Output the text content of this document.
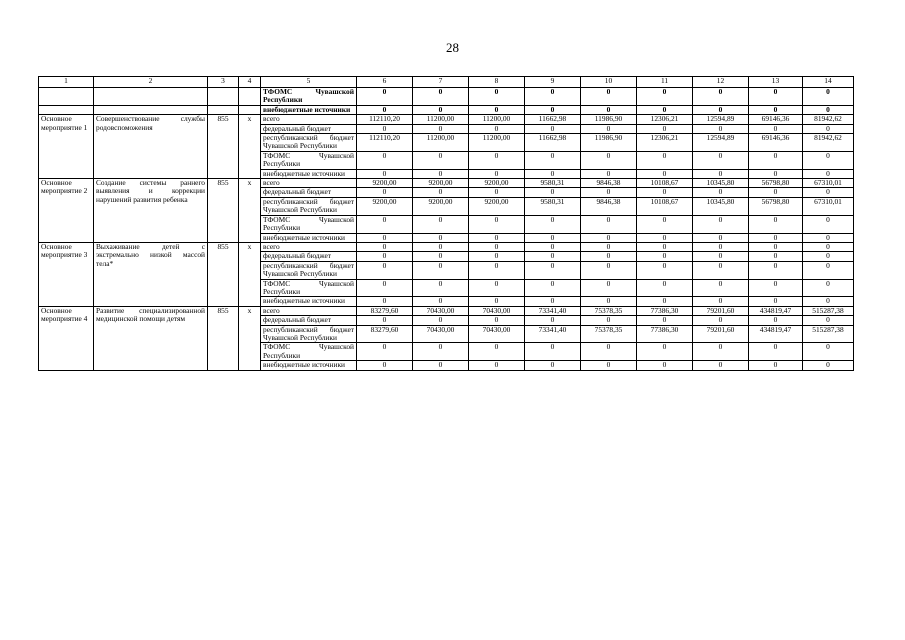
28
1	2	3	4	5	6	7	8	9	10	11	12	13	14
				ТФОМС Чувашской Республики	0	0	0	0	0	0	0	0	0
				внебюджетные источники	0	0	0	0	0	0	0	0	0
Основное мероприятие 1	Совершенствование службы родовспоможения	855	х	всего	112110,20	11200,00	11200,00	11662,98	11986,90	12306,21	12594,89	69146,36	81942,62
				федеральный бюджет	0	0	0	0	0	0	0	0	0
				республиканский бюджет Чувашской Республики	112110,20	11200,00	11200,00	11662,98	11986,90	12306,21	12594,89	69146,36	81942,62
				ТФОМС Чувашской Республики	0	0	0	0	0	0	0	0	0
				внебюджетные источники	0	0	0	0	0	0	0	0	0
Основное мероприятие 2	Создание системы раннего выявления и коррекции нарушений развития ребенка	855	х	всего	9200,00	9200,00	9200,00	9580,31	9846,38	10108,67	10345,80	56798,80	67310,01
				федеральный бюджет	0	0	0	0	0	0	0	0	0
				республиканский бюджет Чувашской Республики	9200,00	9200,00	9200,00	9580,31	9846,38	10108,67	10345,80	56798,80	67310,01
				ТФОМС Чувашской Республики	0	0	0	0	0	0	0	0	0
				внебюджетные источники	0	0	0	0	0	0	0	0	0
Основное мероприятие 3	Выхаживание детей с экстремально низкой массой тела*	855	х	всего	0	0	0	0	0	0	0	0	0
				федеральный бюджет	0	0	0	0	0	0	0	0	0
				республиканский бюджет Чувашской Республики	0	0	0	0	0	0	0	0	0
				ТФОМС Чувашской Республики	0	0	0	0	0	0	0	0	0
				внебюджетные источники	0	0	0	0	0	0	0	0	0
Основное мероприятие 4	Развитие специализированной медицинской помощи детям	855	х	всего	83279,60	70430,00	70430,00	73341,40	75378,35	77386,30	79201,60	434819,47	515287,38
				федеральный бюджет	0	0	0	0	0	0	0	0	0
				республиканский бюджет Чувашской Республики	83279,60	70430,00	70430,00	73341,40	75378,35	77386,30	79201,60	434819,47	515287,38
				ТФОМС Чувашской Республики	0	0	0	0	0	0	0	0	0
				внебюджетные источники	0	0	0	0	0	0	0	0	0
